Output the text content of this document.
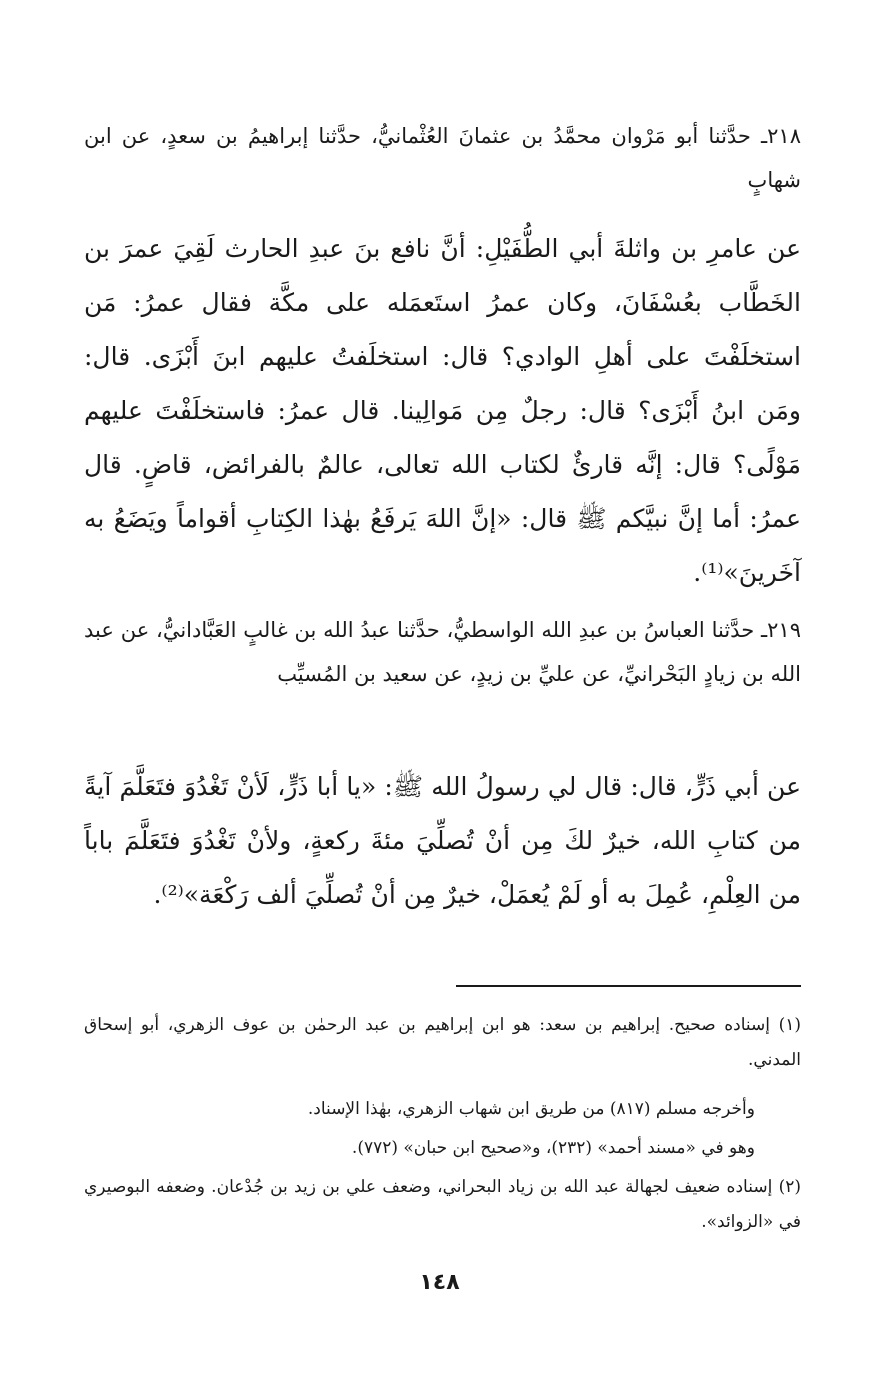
٢١٨ـ حدَّثنا أبو مَرْوان محمَّدُ بن عثمانَ العُثْمانيُّ، حدَّثنا إبراهيمُ بن سعدٍ، عن ابن شهابٍ

عن عامرِ بن واثلةَ أبي الطُّفَيْلِ: أنَّ نافع بنَ عبدِ الحارث لَقِيَ عمرَ بن الخَطَّاب بعُسْفَانَ، وكان عمرُ استَعمَله على مكَّة فقال عمرُ: مَن استخلَفْتَ على أهلِ الوادي؟ قال: استخلَفتُ عليهم ابنَ أَبْزَى. قال: ومَن ابنُ أَبْزَى؟ قال: رجلٌ مِن مَوالِينا. قال عمرُ: فاستخلَفْتَ عليهم مَوْلًى؟ قال: إنَّه قارئٌ لكتاب الله تعالى، عالمٌ بالفرائض، قاضٍ. قال عمرُ: أما إنَّ نبيَّكم ﷺ قال: «إنَّ اللهَ يَرفَعُ بهٰذا الكِتابِ أقواماً ويَضَعُ به آخَرينَ»⁽¹⁾.

٢١٩ـ حدَّثنا العباسُ بن عبدِ الله الواسطيُّ، حدَّثنا عبدُ الله بن غالبٍ العَبَّادانيُّ، عن عبد الله بن زيادٍ البَحْرانيِّ، عن عليِّ بن زيدٍ، عن سعيد بن المُسيِّب

عن أبي ذَرٍّ، قال: قال لي رسولُ الله ﷺ: «يا أبا ذَرٍّ، لَأنْ تَغْدُوَ فتَعَلَّمَ آيةً من كتابِ الله، خيرٌ لكَ مِن أنْ تُصلِّيَ مئةَ ركعةٍ، ولأنْ تَغْدُوَ فتَعَلَّمَ باباً من العِلْمِ، عُمِلَ به أو لَمْ يُعمَلْ، خيرٌ مِن أنْ تُصلِّيَ ألف رَكْعَة»⁽²⁾.

(١) إسناده صحيح. إبراهيم بن سعد: هو ابن إبراهيم بن عبد الرحمٰن بن عوف الزهري، أبو إسحاق المدني.

وأخرجه مسلم (٨١٧) من طريق ابن شهاب الزهري، بهٰذا الإسناد.

وهو في «مسند أحمد» (٢٣٢)، و«صحيح ابن حبان» (٧٧٢).

(٢) إسناده ضعيف لجهالة عبد الله بن زياد البحراني، وضعف علي بن زيد بن جُدْعان. وضعفه البوصيري في «الزوائد».

١٤٨
